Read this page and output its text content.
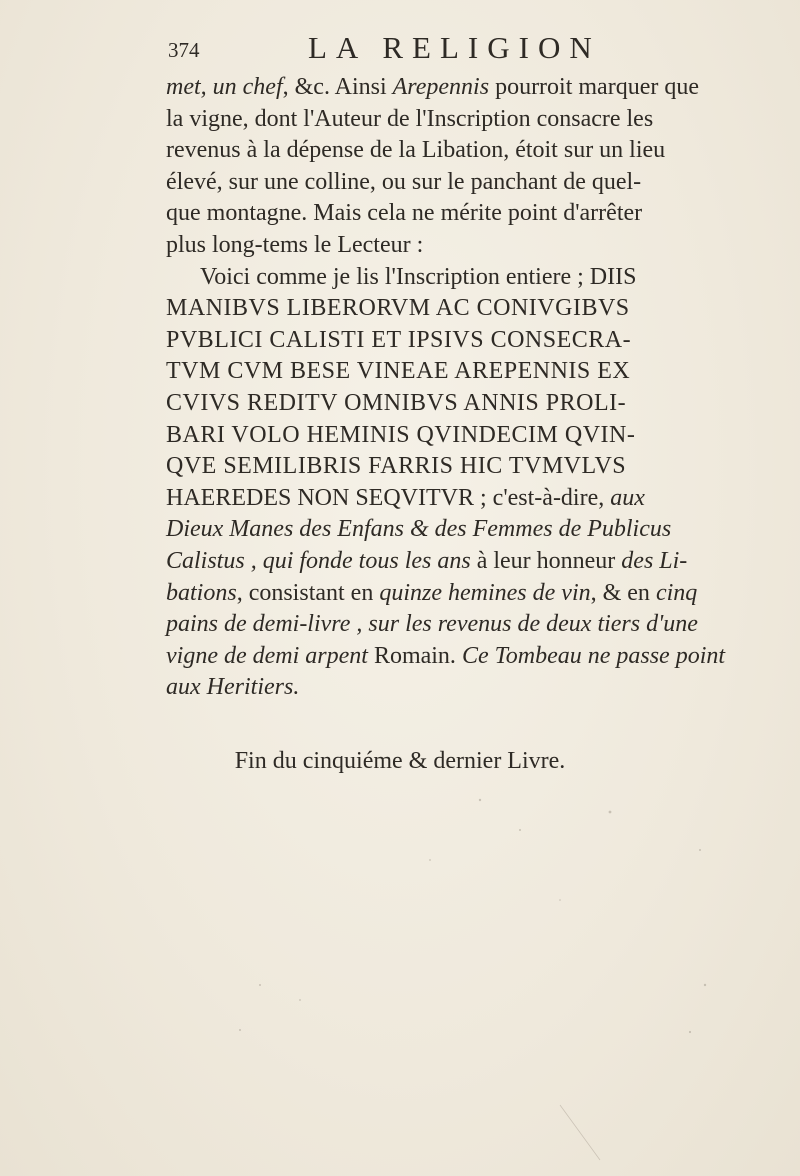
374	LA RELIGION
met, un chef, &c. Ainsi Arepennis pourroit marquer que
la vigne, dont l'Auteur de l'Inscription consacre les
revenus à la dépense de la Libation, étoit sur un lieu
élevé, sur une colline, ou sur le panchant de quel-
que montagne. Mais cela ne mérite point d'arrêter
plus long-tems le Lecteur :
Voici comme je lis l'Inscription entiere ; DIIS
MANIBVS LIBERORVM AC CONIVGIBVS
PVBLICI CALISTI ET IPSIVS CONSECRA-
TVM CVM BESE VINEAE AREPENNIS EX
CVIVS REDITV OMNIBVS ANNIS PROLI-
BARI VOLO HEMINIS QVINDECIM QVIN-
QVE SEMILIBRIS FARRIS HIC TVMVLVS
HAEREDES NON SEQVITVR ; c'est-à-dire, aux
Dieux Manes des Enfans & des Femmes de Publicus
Calistus , qui fonde tous les ans à leur honneur des Li-
bations, consistant en quinze hemines de vin, & en cinq
pains de demi-livre , sur les revenus de deux tiers d'une
vigne de demi arpent Romain. Ce Tombeau ne passe point
aux Heritiers.
Fin du cinquiéme & dernier Livre.
